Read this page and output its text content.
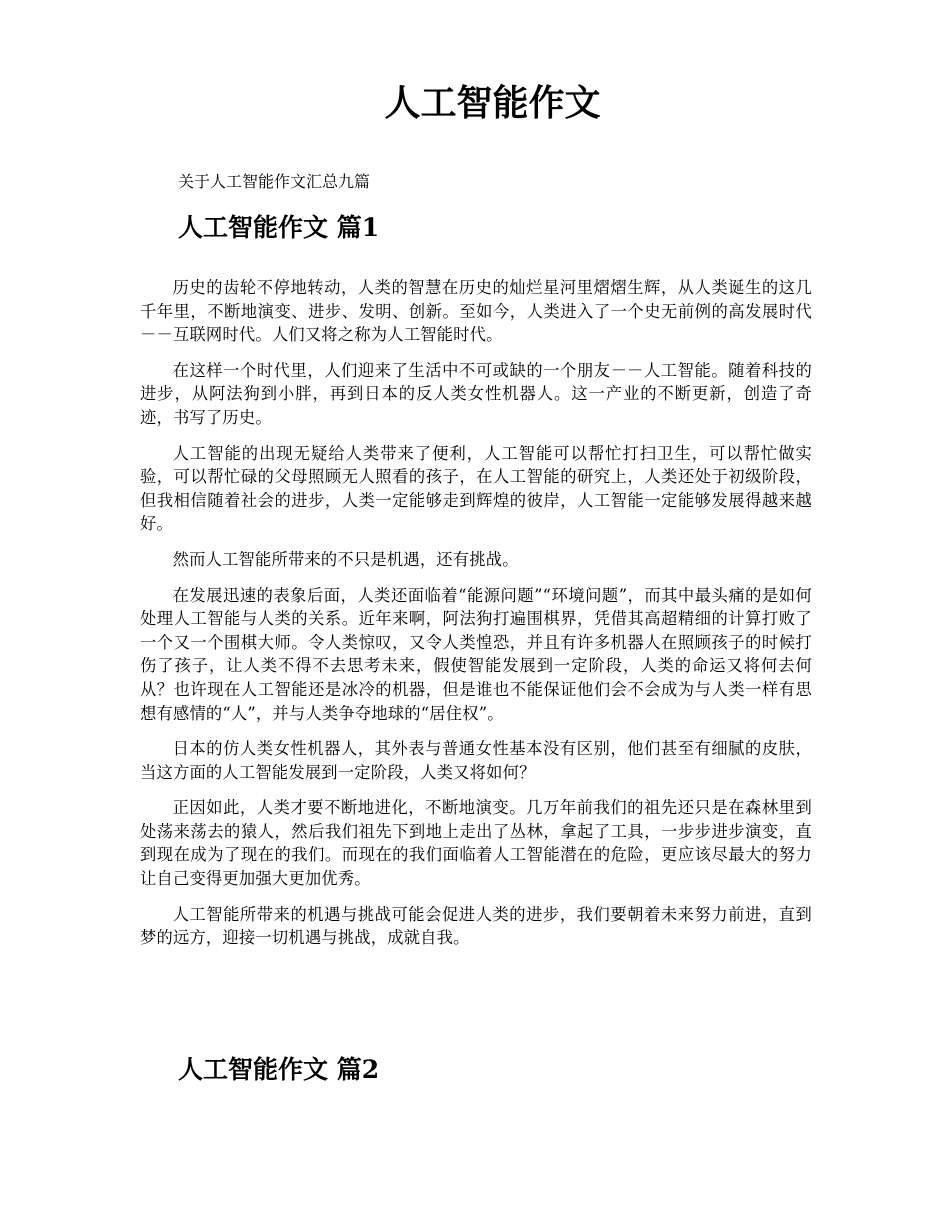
人工智能作文

关于人工智能作文汇总九篇

人工智能作文 篇1

历史的齿轮不停地转动，人类的智慧在历史的灿烂星河里熠熠生辉，从人类诞生的这几千年里，不断地演变、进步、发明、创新。至如今，人类进入了一个史无前例的高发展时代－－互联网时代。人们又将之称为人工智能时代。

在这样一个时代里，人们迎来了生活中不可或缺的一个朋友－－人工智能。随着科技的进步，从阿法狗到小胖，再到日本的反人类女性机器人。这一产业的不断更新，创造了奇迹，书写了历史。

人工智能的出现无疑给人类带来了便利，人工智能可以帮忙打扫卫生，可以帮忙做实验，可以帮忙碌的父母照顾无人照看的孩子，在人工智能的研究上，人类还处于初级阶段，但我相信随着社会的进步，人类一定能够走到辉煌的彼岸，人工智能一定能够发展得越来越好。

然而人工智能所带来的不只是机遇，还有挑战。

在发展迅速的表象后面，人类还面临着“能源问题”“环境问题”，而其中最头痛的是如何处理人工智能与人类的关系。近年来啊，阿法狗打遍围棋界，凭借其高超精细的计算打败了一个又一个围棋大师。令人类惊叹，又令人类惶恐，并且有许多机器人在照顾孩子的时候打伤了孩子，让人类不得不去思考未来，假使智能发展到一定阶段，人类的命运又将何去何从？也许现在人工智能还是冰冷的机器，但是谁也不能保证他们会不会成为与人类一样有思想有感情的“人”，并与人类争夺地球的“居住权”。

日本的仿人类女性机器人，其外表与普通女性基本没有区别，他们甚至有细腻的皮肤，当这方面的人工智能发展到一定阶段，人类又将如何？

正因如此，人类才要不断地进化，不断地演变。几万年前我们的祖先还只是在森林里到处荡来荡去的猿人，然后我们祖先下到地上走出了丛林，拿起了工具，一步步进步演变，直到现在成为了现在的我们。而现在的我们面临着人工智能潜在的危险，更应该尽最大的努力让自己变得更加强大更加优秀。

人工智能所带来的机遇与挑战可能会促进人类的进步，我们要朝着未来努力前进，直到梦的远方，迎接一切机遇与挑战，成就自我。

人工智能作文 篇2
